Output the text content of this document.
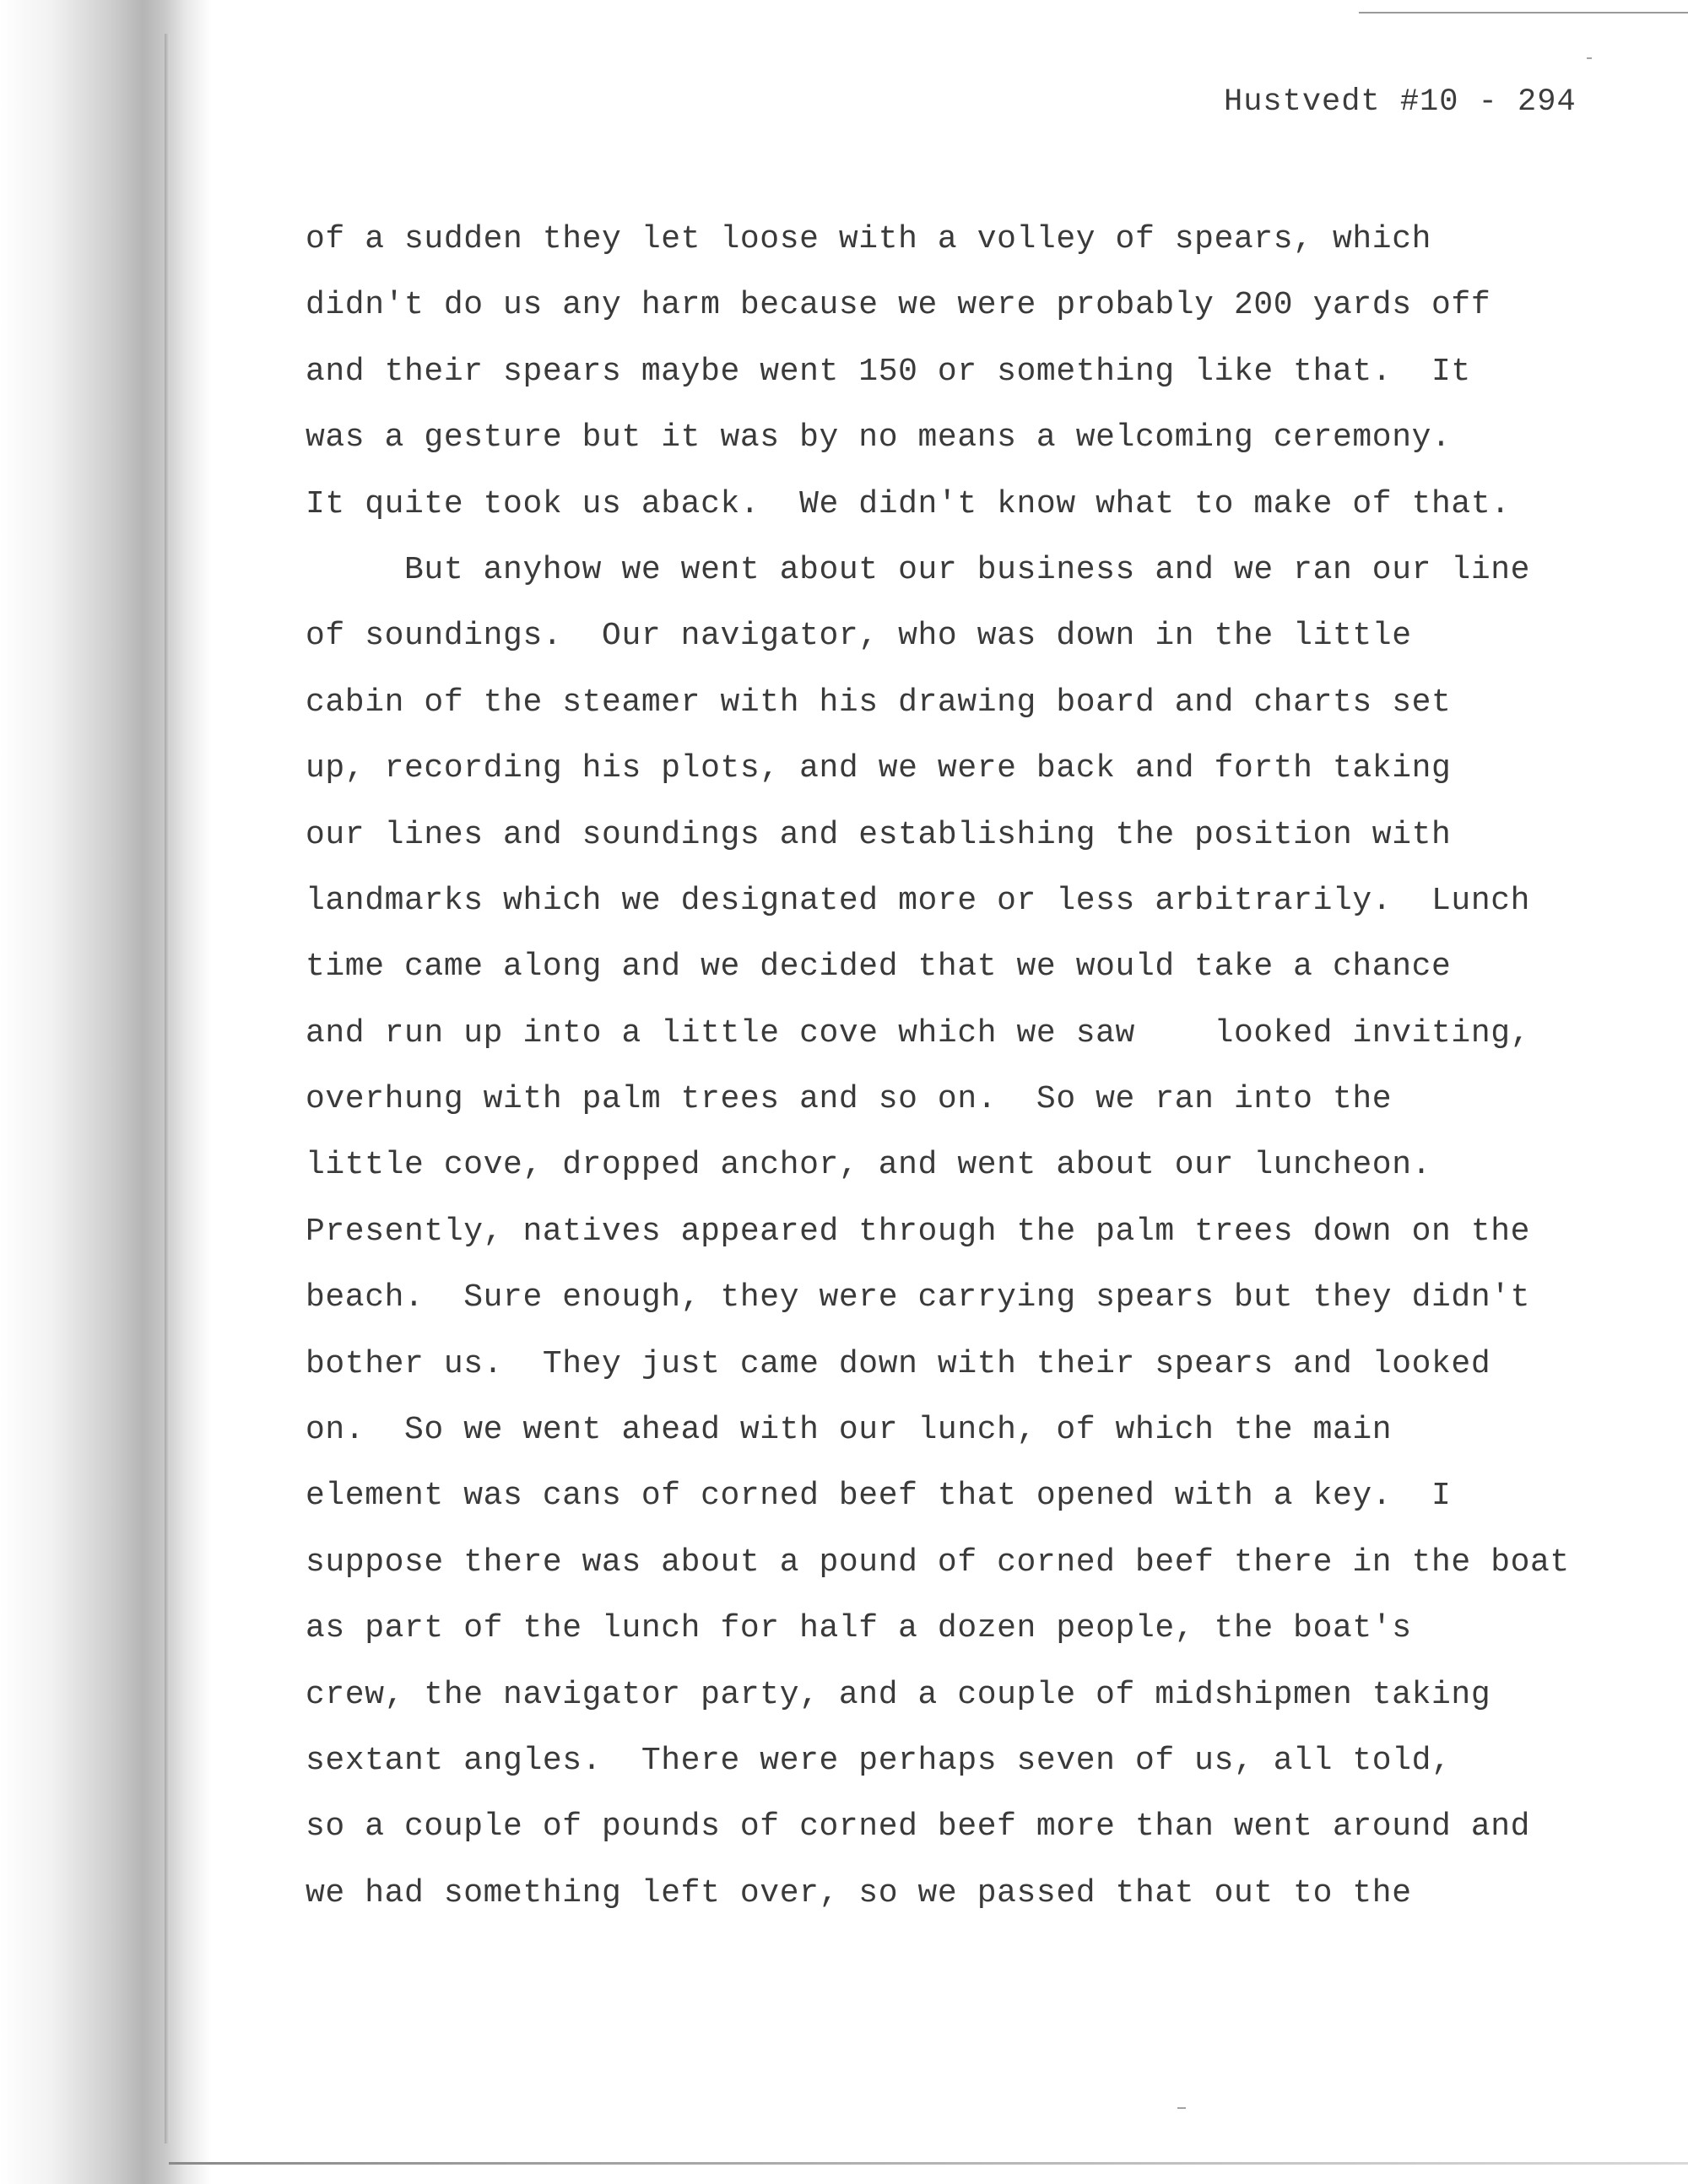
Hustvedt #10 - 294
of a sudden they let loose with a volley of spears, which
didn't do us any harm because we were probably 200 yards off
and their spears maybe went 150 or something like that.  It
was a gesture but it was by no means a welcoming ceremony.
It quite took us aback.  We didn't know what to make of that.
But anyhow we went about our business and we ran our line
of soundings.  Our navigator, who was down in the little
cabin of the steamer with his drawing board and charts set
up, recording his plots, and we were back and forth taking
our lines and soundings and establishing the position with
landmarks which we designated more or less arbitrarily.  Lunch
time came along and we decided that we would take a chance
and run up into a little cove which we saw    looked inviting,
overhung with palm trees and so on.  So we ran into the
little cove, dropped anchor, and went about our luncheon.
Presently, natives appeared through the palm trees down on the
beach.  Sure enough, they were carrying spears but they didn't
bother us.  They just came down with their spears and looked
on.  So we went ahead with our lunch, of which the main
element was cans of corned beef that opened with a key.  I
suppose there was about a pound of corned beef there in the boat
as part of the lunch for half a dozen people, the boat's
crew, the navigator party, and a couple of midshipmen taking
sextant angles.  There were perhaps seven of us, all told,
so a couple of pounds of corned beef more than went around and
we had something left over, so we passed that out to the
